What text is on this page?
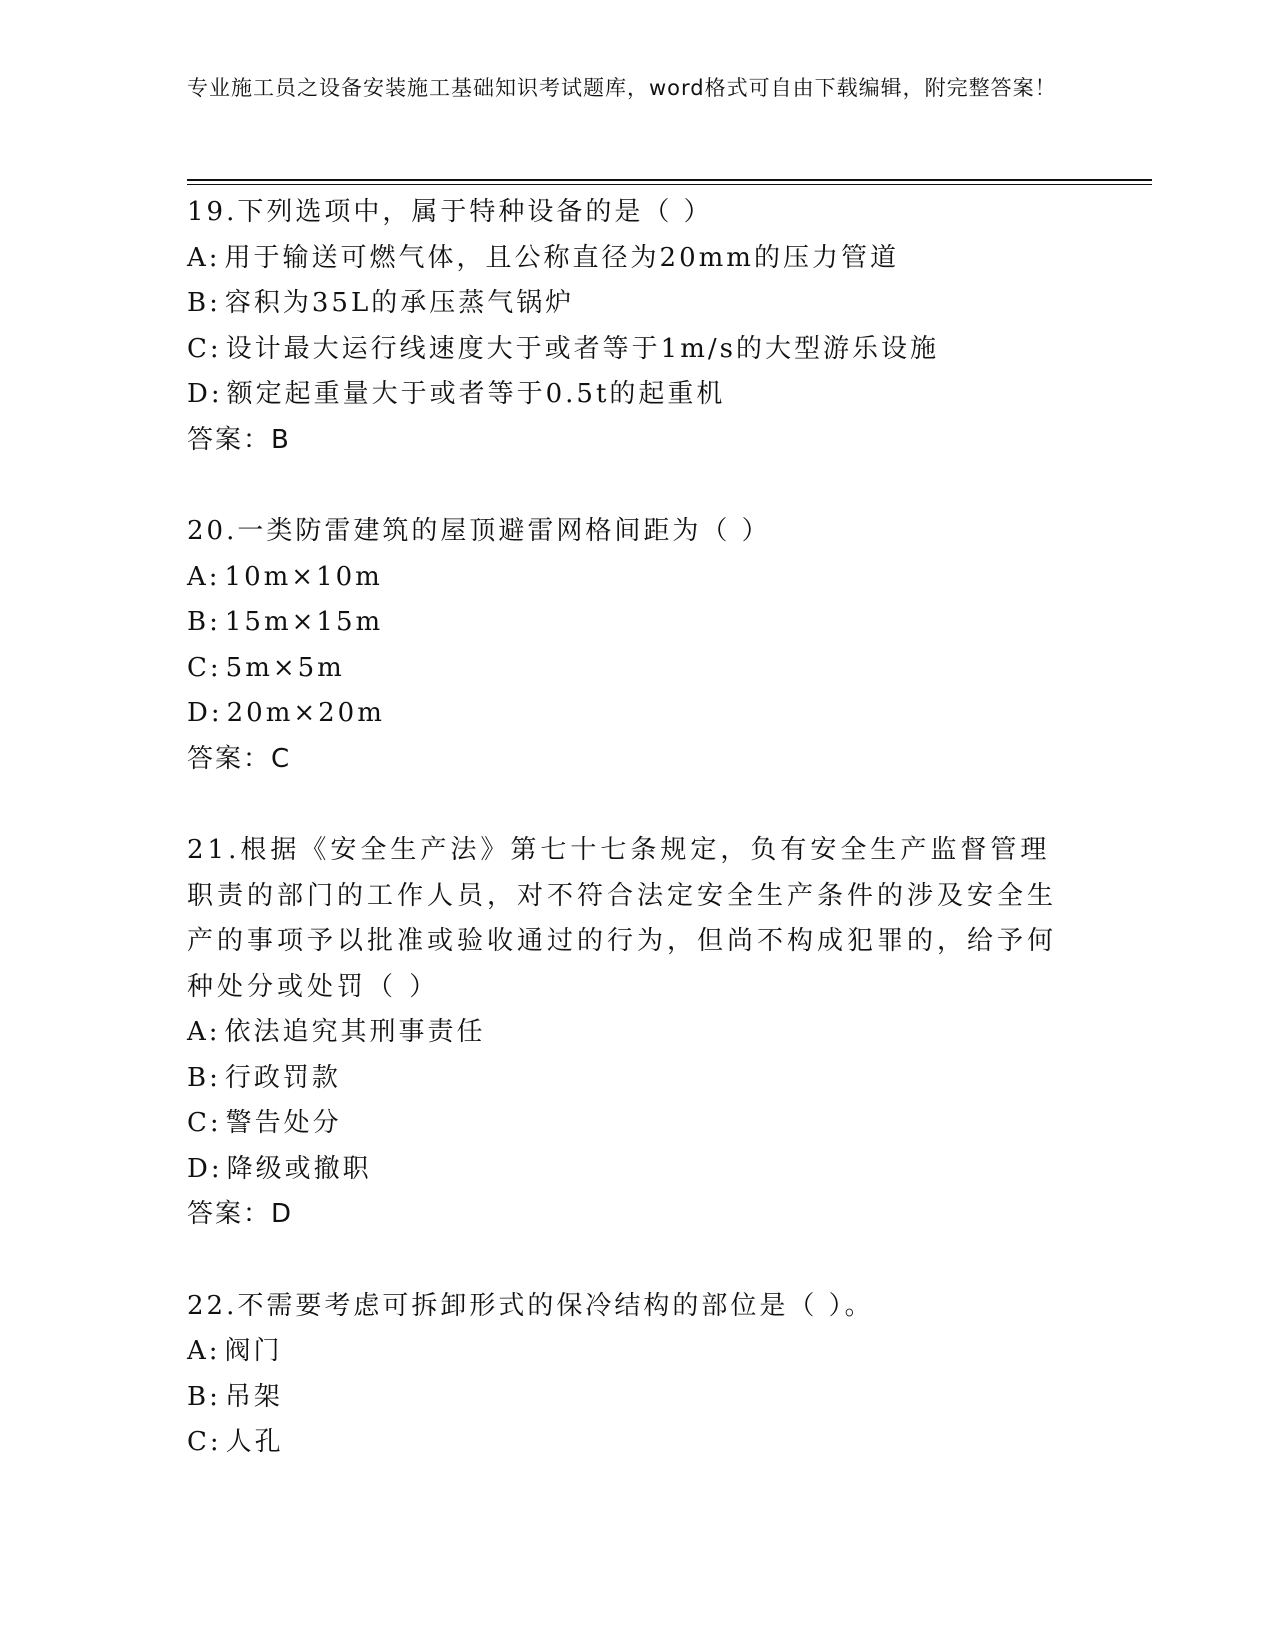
专业施工员之设备安装施工基础知识考试题库，word格式可自由下载编辑，附完整答案！
19.下列选项中，属于特种设备的是（ ）
A: 用于输送可燃气体，且公称直径为20mm的压力管道
B: 容积为35L的承压蒸气锅炉
C: 设计最大运行线速度大于或者等于1m/s的大型游乐设施
D: 额定起重量大于或者等于0.5t的起重机
答案：B
20.一类防雷建筑的屋顶避雷网格间距为（ ）
A: 10m×10m
B: 15m×15m
C: 5m×5m
D: 20m×20m
答案：C
21.根据《安全生产法》第七十七条规定，负有安全生产监督管理职责的部门的工作人员，对不符合法定安全生产条件的涉及安全生产的事项予以批准或验收通过的行为，但尚不构成犯罪的，给予何种处分或处罚（ ）
A: 依法追究其刑事责任
B: 行政罚款
C: 警告处分
D: 降级或撤职
答案：D
22.不需要考虑可拆卸形式的保冷结构的部位是（ ）。
A: 阀门
B: 吊架
C: 人孔
